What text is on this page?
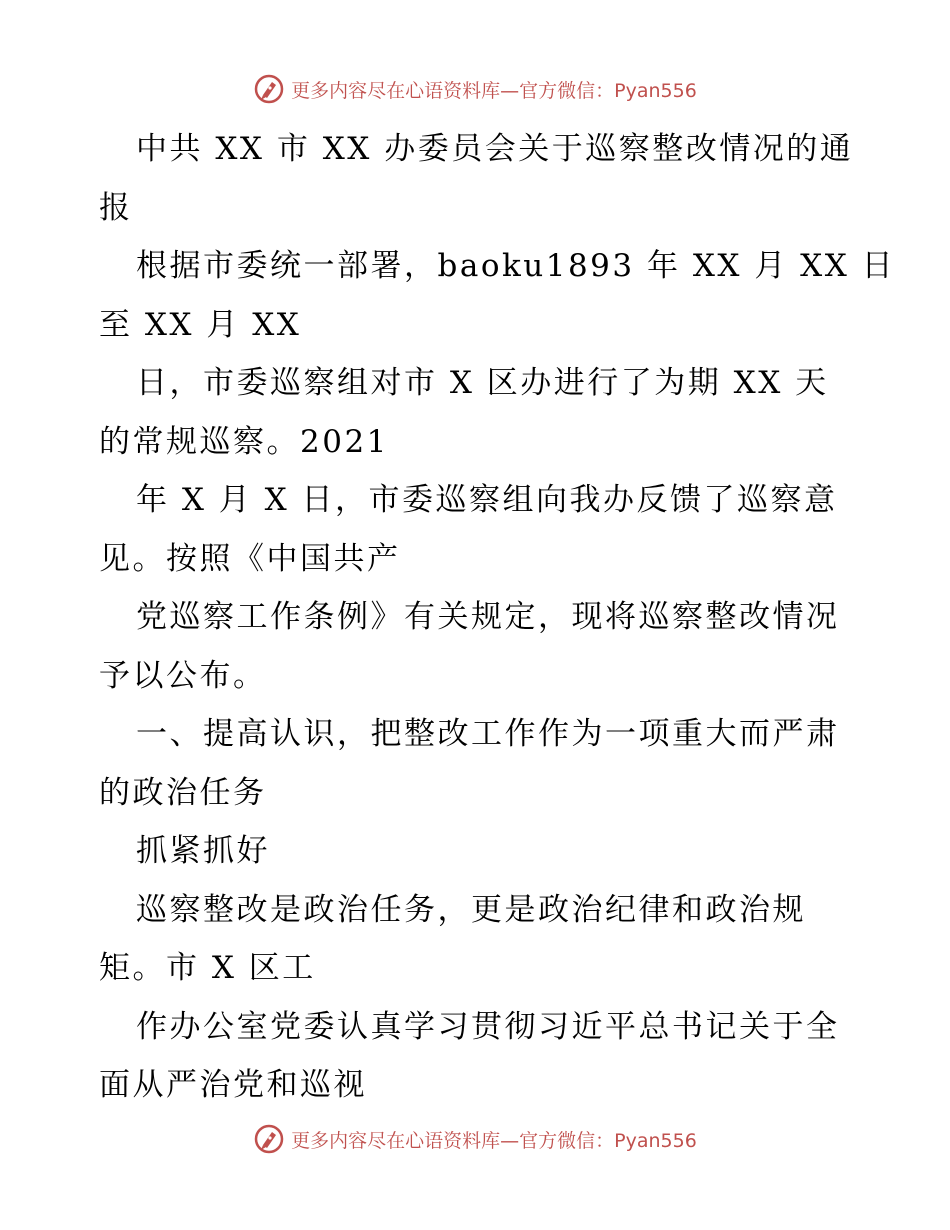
更多内容尽在心语资料库—官方微信：Pyan556
中共 XX 市 XX 办委员会关于巡察整改情况的通
报
根据市委统一部署，baoku1893 年 XX 月 XX 日
至 XX 月 XX
日，市委巡察组对市 X 区办进行了为期 XX 天
的常规巡察。2021
年 X 月 X 日，市委巡察组向我办反馈了巡察意
见。按照《中国共产
党巡察工作条例》有关规定，现将巡察整改情况
予以公布。
一、提高认识，把整改工作作为一项重大而严肃
的政治任务
抓紧抓好
巡察整改是政治任务，更是政治纪律和政治规
矩。市 X 区工
作办公室党委认真学习贯彻习近平总书记关于全
面从严治党和巡视
更多内容尽在心语资料库—官方微信：Pyan556
